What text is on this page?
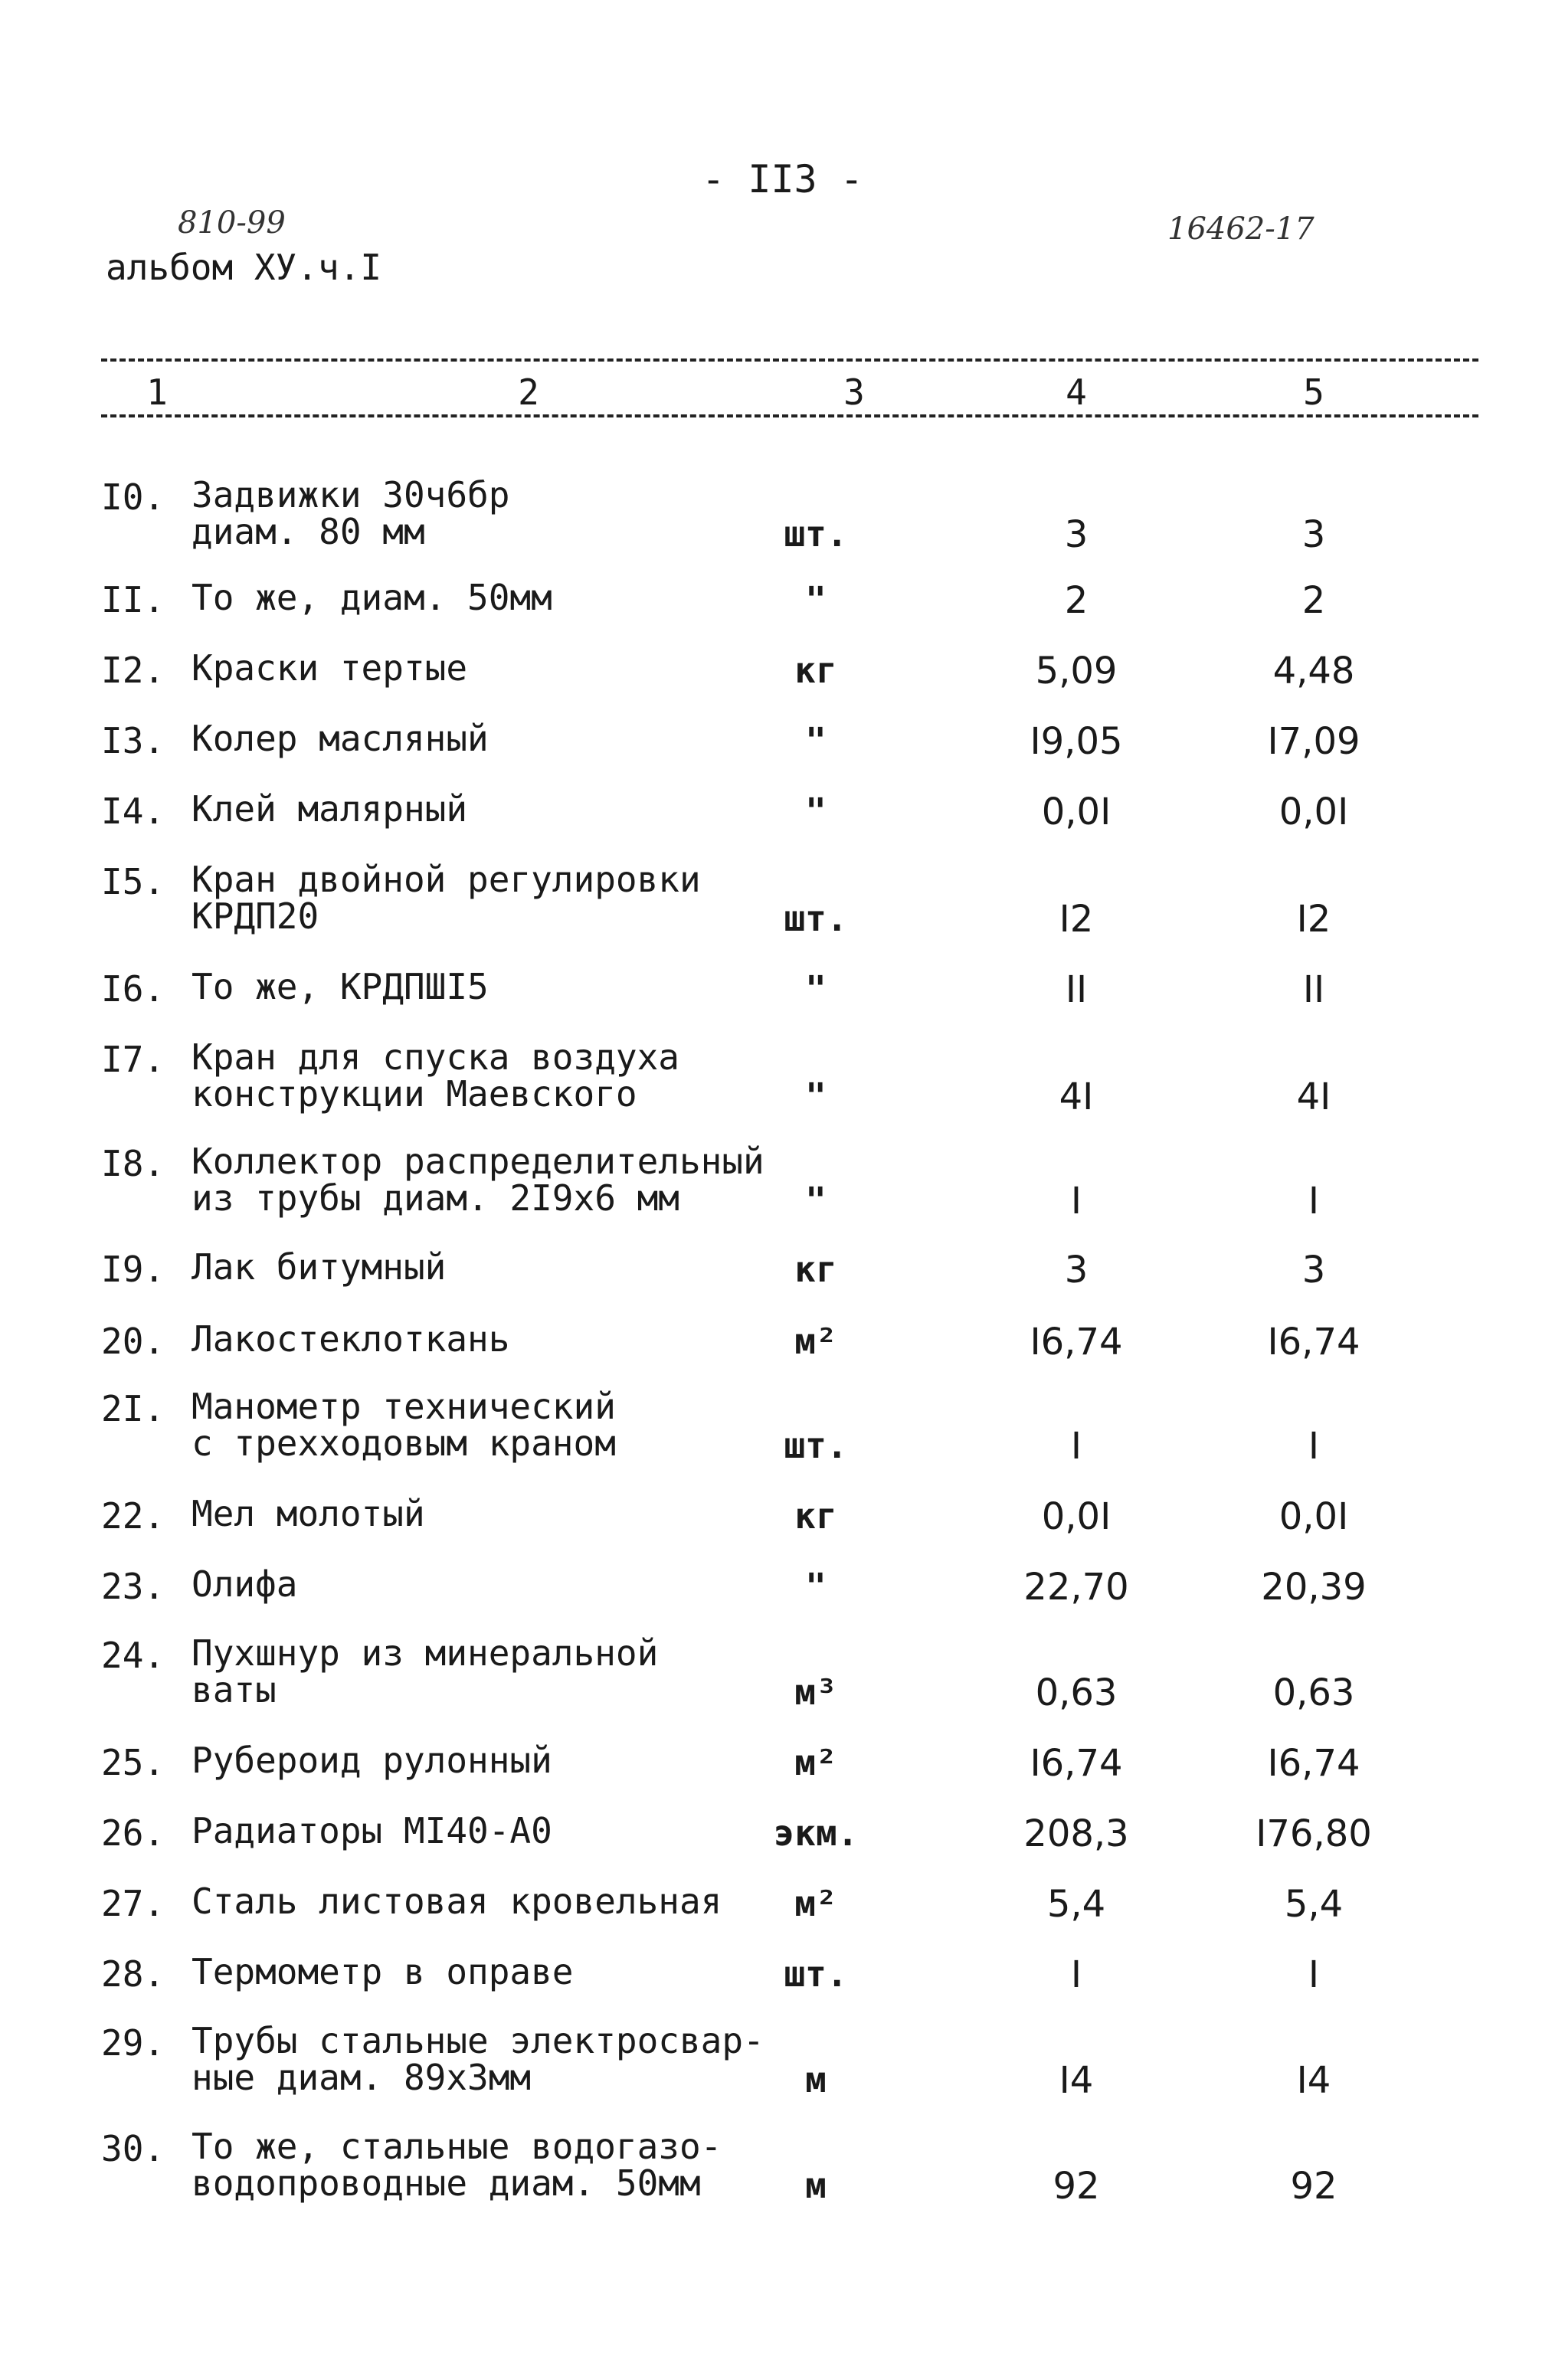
- II3 -
810-99	16462-17
альбом ХУ.ч.I
1	2	3	4	5
I0. Задвижки 30ч6бр
диам. 80 мм	шт.	3	3
II. То же, диам. 50мм	"	2	2
I2. Краски тертые	кг	5,09	4,48
I3. Колер масляный	"	I9,05	I7,09
I4. Клей малярный	"	0,0I	0,0I
I5. Кран двойной регулировки
КРДП20	шт.	I2	I2
I6. То же, КРДПШI5	"	II	II
I7. Кран для спуска воздуха
конструкции Маевского	"	4I	4I
I8. Коллектор распределительный
из трубы диам. 2I9х6 мм	"	I	I
I9. Лак битумный	кг	3	3
20. Лакостеклоткань	м²	I6,74	I6,74
2I. Манометр технический
с трехходовым краном	шт.	I	I
22. Мел молотый	кг	0,0I	0,0I
23. Олифа	"	22,70	20,39
24. Пухшнур из минеральной
ваты	м³	0,63	0,63
25. Рубероид рулонный	м²	I6,74	I6,74
26. Радиаторы МI40-А0	экм.	208,3	I76,80
27. Сталь листовая кровельная	м²	5,4	5,4
28. Термометр в оправе	шт.	I	I
29. Трубы стальные электросвар-
ные диам. 89х3мм	м	I4	I4
30. То же, стальные водогазо-
водопроводные диам. 50мм	м	92	92
